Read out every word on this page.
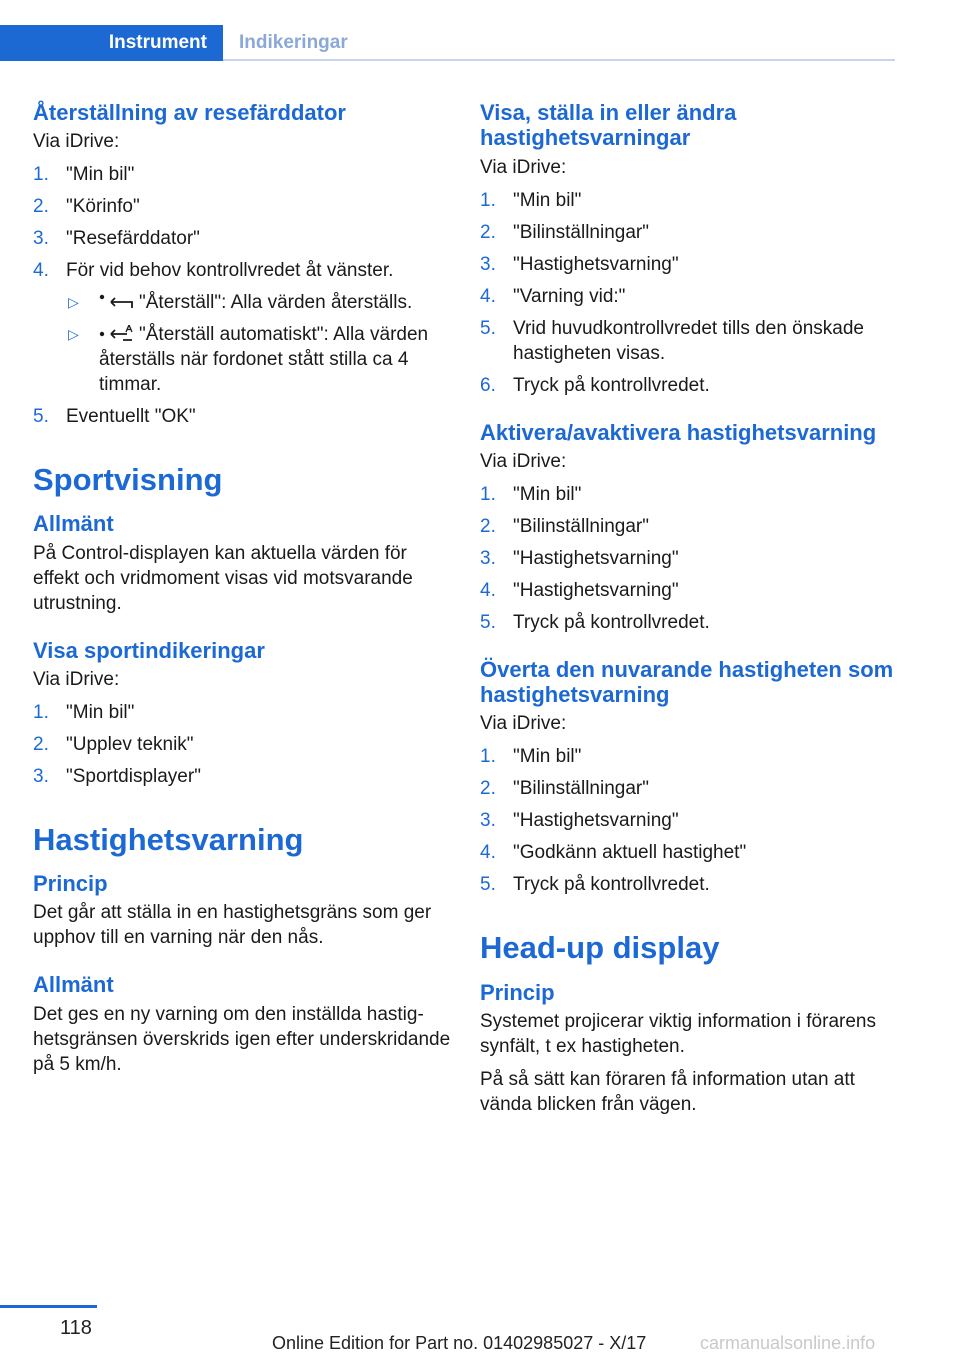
Instrument	Indikeringar
Återställning av resefärddator

Via iDrive:

1. "Min bil"
2. "Körinfo"
3. "Resefärddator"
4. För vid behov kontrollvredet åt vänster.
▷	"Återställ": Alla värden återställs.
▷	"Återställ automatiskt": Alla värden återställs när fordonet stått stilla ca 4 timmar.
5. Eventuellt "OK"
Sportvisning
Allmänt

På Control-displayen kan aktuella värden för effekt och vridmoment visas vid motsvarande utrustning.

Visa sportindikeringar

Via iDrive:

1. "Min bil"
2. "Upplev teknik"
3. "Sportdisplayer"
Hastighetsvarning
Princip

Det går att ställa in en hastighetsgräns som ger upphov till en varning när den nås.

Allmänt

Det ges en ny varning om den inställda hastighetsgränsen överskrids igen efter underskridande på 5 km/h.

Visa, ställa in eller ändra hastighetsvarningar

Via iDrive:

1. "Min bil"
2. "Bilinställningar"
3. "Hastighetsvarning"
4. "Varning vid:"
5. Vrid huvudkontrollvredet tills den önskade hastigheten visas.
6. Tryck på kontrollvredet.
Aktivera/avaktivera hastighetsvarning

Via iDrive:

1. "Min bil"
2. "Bilinställningar"
3. "Hastighetsvarning"
4. "Hastighetsvarning"
5. Tryck på kontrollvredet.
Överta den nuvarande hastigheten som hastighetsvarning

Via iDrive:

1. "Min bil"
2. "Bilinställningar"
3. "Hastighetsvarning"
4. "Godkänn aktuell hastighet"
5. Tryck på kontrollvredet.
Head-up display
Princip

Systemet projicerar viktig information i förarens synfält, t ex hastigheten.

På så sätt kan föraren få information utan att vända blicken från vägen.

118
Online Edition for Part no. 01402985027 - X/17	carmanualsonline.info
